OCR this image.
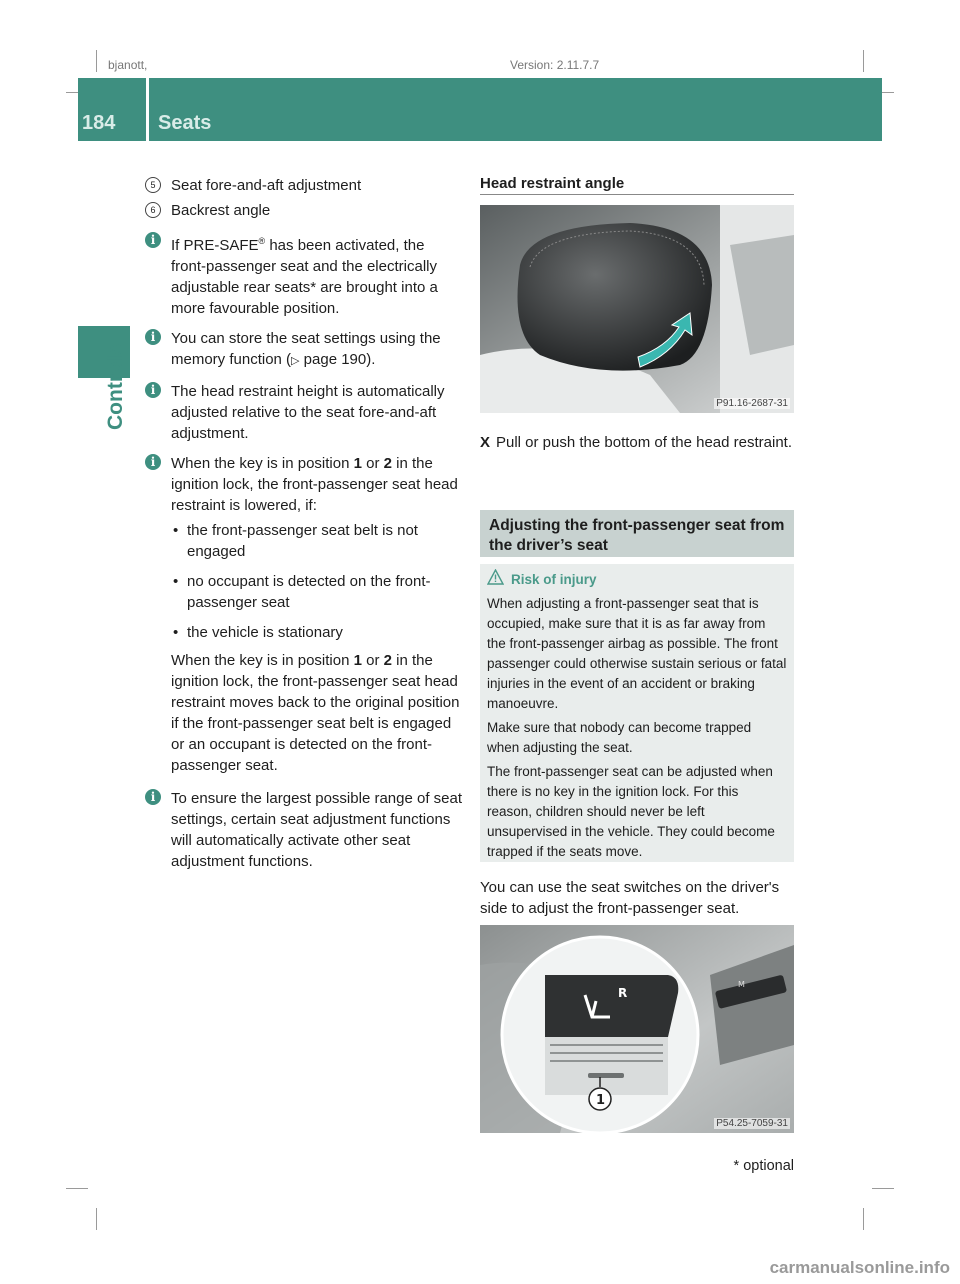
bjanott,	Version: 2.11.7.7
184 Seats
Controls

5	Seat fore-and-aft adjustment

6	Backrest angle

i	If PRE-SAFE® has been activated, the front-passenger seat and the electrically adjustable rear seats* are brought into a more favourable position.

i	You can store the seat settings using the memory function (▷ page 190).

i	The head restraint height is automatically adjusted relative to the seat fore-and-aft adjustment.

i	When the key is in position 1 or 2 in the ignition lock, the front-passenger seat head restraint is lowered, if:

• the front-passenger seat belt is not engaged
• no occupant is detected on the front-passenger seat
• the vehicle is stationary

When the key is in position 1 or 2 in the ignition lock, the front-passenger seat head restraint moves back to the original position if the front-passenger seat belt is engaged or an occupant is detected on the front-passenger seat.

i	To ensure the largest possible range of seat settings, certain seat adjustment functions will automatically activate other seat adjustment functions.

Head restraint angle
P91.16-2687-31
X Pull or push the bottom of the head restraint.
Adjusting the front-passenger seat from the driver’s seat

Risk of injury

When adjusting a front-passenger seat that is occupied, make sure that it is as far away from the front-passenger airbag as possible. The front passenger could otherwise sustain serious or fatal injuries in the event of an accident or braking manoeuvre.

Make sure that nobody can become trapped when adjusting the seat.

The front-passenger seat can be adjusted when there is no key in the ignition lock. For this reason, children should never be left unsupervised in the vehicle. They could become trapped if the seats move.

You can use the seat switches on the driver's side to adjust the front-passenger seat.
M
R
1
P54.25-7059-31
* optional
carmanualsonline.info
